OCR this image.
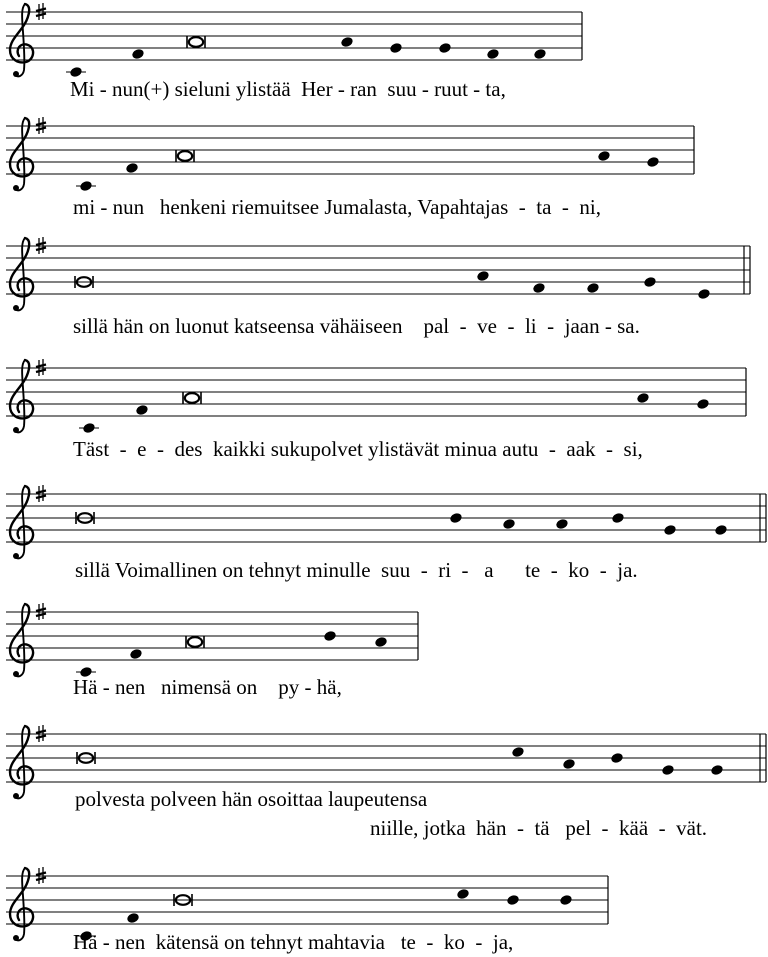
Mi - nun(+) sieluni ylistää  Her - ran  suu - ruut - ta,
mi - nun   henkeni riemuitsee Jumalasta, Vapahtajas  -  ta  -  ni,
sillä hän on luonut katseensa vähäiseen    pal  -  ve  -  li  -  jaan - sa.
Täst  -  e  -  des  kaikki sukupolvet ylistävät minua autu  -  aak  -  si,
sillä Voimallinen on tehnyt minulle  suu  -  ri  -   a      te  -  ko  -  ja.
Hä - nen   nimensä on    py - hä,
polvesta polveen hän osoittaa laupeutensa
niille, jotka  hän  -  tä   pel  -  kää  -  vät.
Hä - nen  kätensä on tehnyt mahtavia   te  -  ko  -  ja,
